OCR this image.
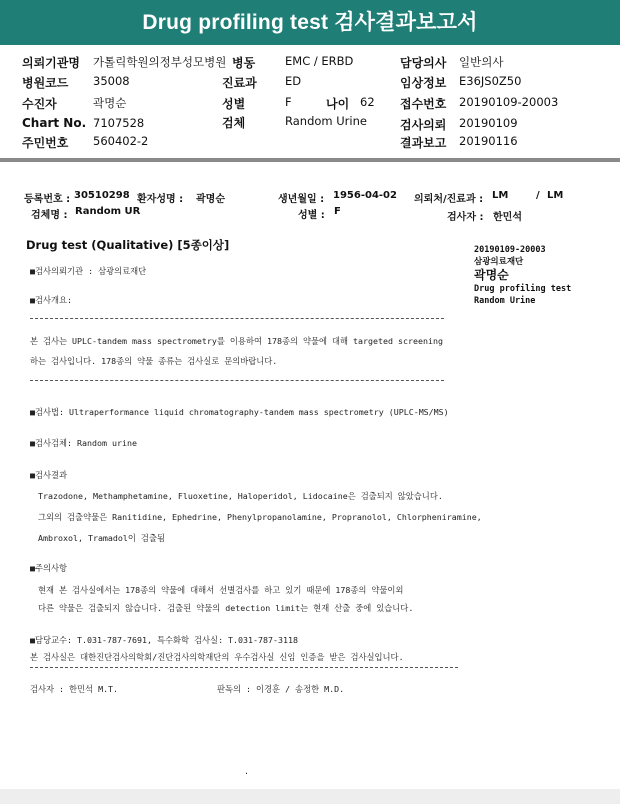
Drug profiling test 검사결과보고서
의뢰기관명 가톨릭학원의정부성모병원
병원코드 35008
수진자	곽명순
Chart No. 7107528
주민번호 560402-2
병동	EMC / ERBD
진료과 ED
성별	F	나이 62
검체	Random Urine
담당의사 일반의사
임상정보 E36JS0Z50
접수번호 20190109-20003
검사의뢰 20190109
결과보고 20190116
등록번호 : 30510298 환자성명 : 곽명순	생년월일 : 1956-04-02 의뢰처/진료과 : LM	/ LM
검체명 : Random UR	성별 : F
검사자 : 한민석
Drug test (Qualitative) [5종이상]	20190109-20003
삼광의료재단
곽명순
Drug profiling test
Random Urine
■검사의뢰기관 : 삼광의료재단
■검사개요:
본 검사는 UPLC-tandem mass spectrometry를 이용하여 178종의 약물에 대해 targeted screening
하는 검사입니다. 178종의 약물 종류는 검사실로 문의바랍니다.
■검사법: Ultraperformance liquid chromatography-tandem mass spectrometry (UPLC-MS/MS)
■검사검체: Random urine
■검사결과
Trazodone, Methamphetamine, Fluoxetine, Haloperidol, Lidocaine은 검출되지 않았습니다.
그외의 검출약물은 Ranitidine, Ephedrine, Phenylpropanolamine, Propranolol, Chlorpheniramine,
Ambroxol, Tramadol이 검출됨
■주의사항
현재 본 검사실에서는 178종의 약물에 대해서 선별검사를 하고 있기 때문에 178종의 약물이외
다른 약물은 검출되지 않습니다. 검출된 약물의 detection limit는 현재 산출 중에 있습니다.
■담당교수: T.031-787-7691, 특수화학 검사실: T.031-787-3118
본 검사실은 대한진단검사의학회/진단검사의학재단의 우수검사실 신임 인증을 받은 검사실입니다.
검사자 : 한민석 M.T.	판독의 : 이경훈 / 송정한 M.D.
.
